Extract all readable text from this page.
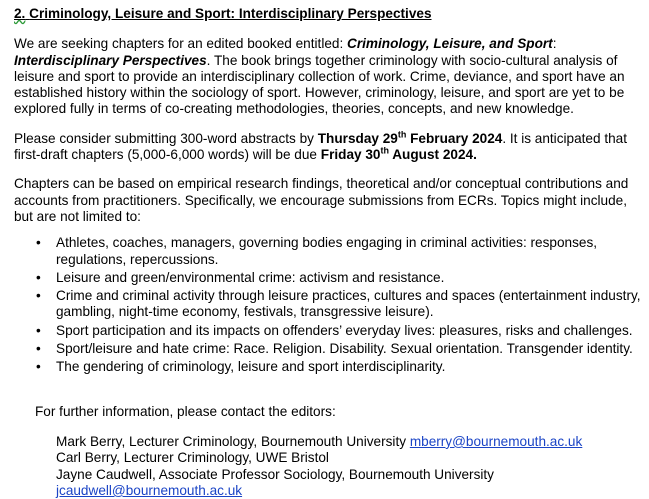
2. Criminology, Leisure and Sport: Interdisciplinary Perspectives

We are seeking chapters for an edited booked entitled: Criminology, Leisure, and Sport: Interdisciplinary Perspectives. The book brings together criminology with socio-cultural analysis of leisure and sport to provide an interdisciplinary collection of work. Crime, deviance, and sport have an established history within the sociology of sport. However, criminology, leisure, and sport are yet to be explored fully in terms of co-creating methodologies, theories, concepts, and new knowledge.

Please consider submitting 300-word abstracts by Thursday 29th February 2024. It is anticipated that first-draft chapters (5,000-6,000 words) will be due Friday 30th August 2024.

Chapters can be based on empirical research findings, theoretical and/or conceptual contributions and accounts from practitioners. Specifically, we encourage submissions from ECRs. Topics might include, but are not limited to:

• Athletes, coaches, managers, governing bodies engaging in criminal activities: responses, regulations, repercussions.
• Leisure and green/environmental crime: activism and resistance.
• Crime and criminal activity through leisure practices, cultures and spaces (entertainment industry, gambling, night-time economy, festivals, transgressive leisure).
• Sport participation and its impacts on offenders’ everyday lives: pleasures, risks and challenges.
• Sport/leisure and hate crime: Race. Religion. Disability. Sexual orientation. Transgender identity.
• The gendering of criminology, leisure and sport interdisciplinarity.
For further information, please contact the editors:
Mark Berry, Lecturer Criminology, Bournemouth University mberry@bournemouth.ac.uk
Carl Berry, Lecturer Criminology, UWE Bristol
Jayne Caudwell, Associate Professor Sociology, Bournemouth University
jcaudwell@bournemouth.ac.uk
